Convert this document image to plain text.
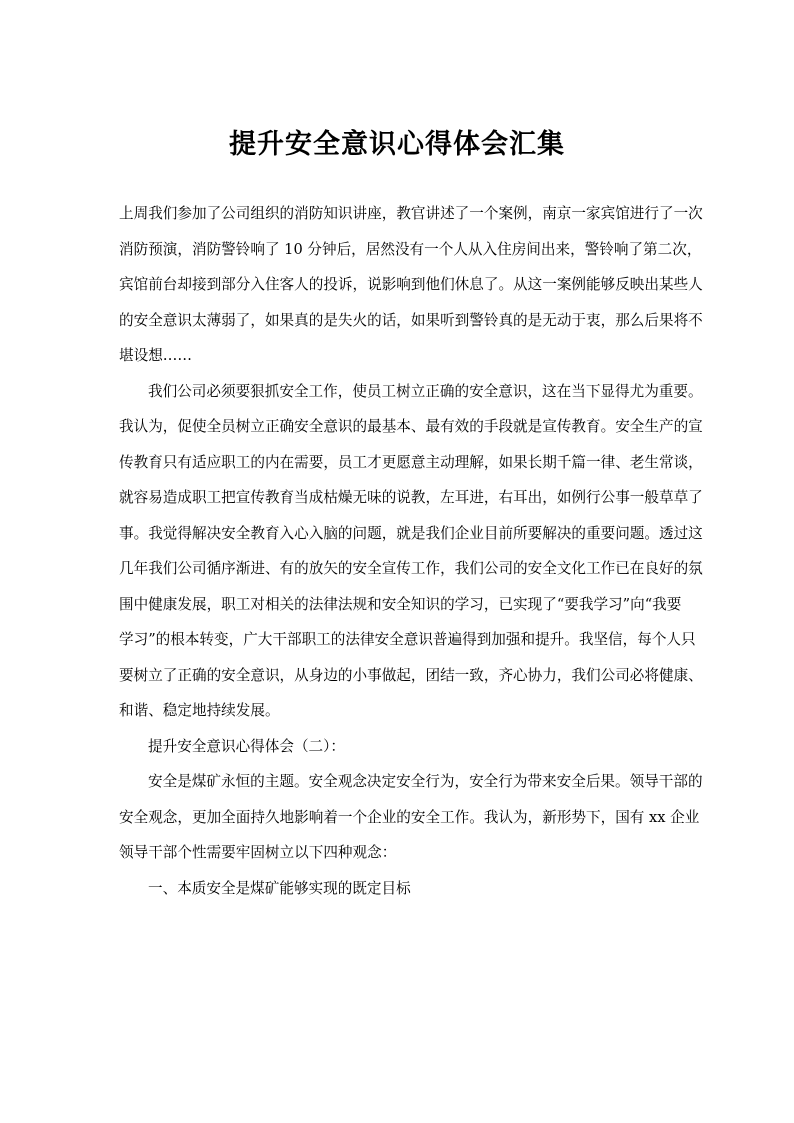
提升安全意识心得体会汇集
上周我们参加了公司组织的消防知识讲座，教官讲述了一个案例，南京一家宾馆进行了一次
消防预演，消防警铃响了 10 分钟后，居然没有一个人从入住房间出来，警铃响了第二次，
宾馆前台却接到部分入住客人的投诉，说影响到他们休息了。从这一案例能够反映出某些人
的安全意识太薄弱了，如果真的是失火的话，如果听到警铃真的是无动于衷，那么后果将不
堪设想……
我们公司必须要狠抓安全工作，使员工树立正确的安全意识，这在当下显得尤为重要。
我认为，促使全员树立正确安全意识的最基本、最有效的手段就是宣传教育。安全生产的宣
传教育只有适应职工的内在需要，员工才更愿意主动理解，如果长期千篇一律、老生常谈，
就容易造成职工把宣传教育当成枯燥无味的说教，左耳进，右耳出，如例行公事一般草草了
事。我觉得解决安全教育入心入脑的问题，就是我们企业目前所要解决的重要问题。透过这
几年我们公司循序渐进、有的放矢的安全宣传工作，我们公司的安全文化工作已在良好的氛
围中健康发展，职工对相关的法律法规和安全知识的学习，已实现了“要我学习”向“我要
学习”的根本转变，广大干部职工的法律安全意识普遍得到加强和提升。我坚信，每个人只
要树立了正确的安全意识，从身边的小事做起，团结一致，齐心协力，我们公司必将健康、
和谐、稳定地持续发展。
提升安全意识心得体会（二）：
安全是煤矿永恒的主题。安全观念决定安全行为，安全行为带来安全后果。领导干部的
安全观念，更加全面持久地影响着一个企业的安全工作。我认为，新形势下，国有 xx 企业
领导干部个性需要牢固树立以下四种观念：
一、本质安全是煤矿能够实现的既定目标
